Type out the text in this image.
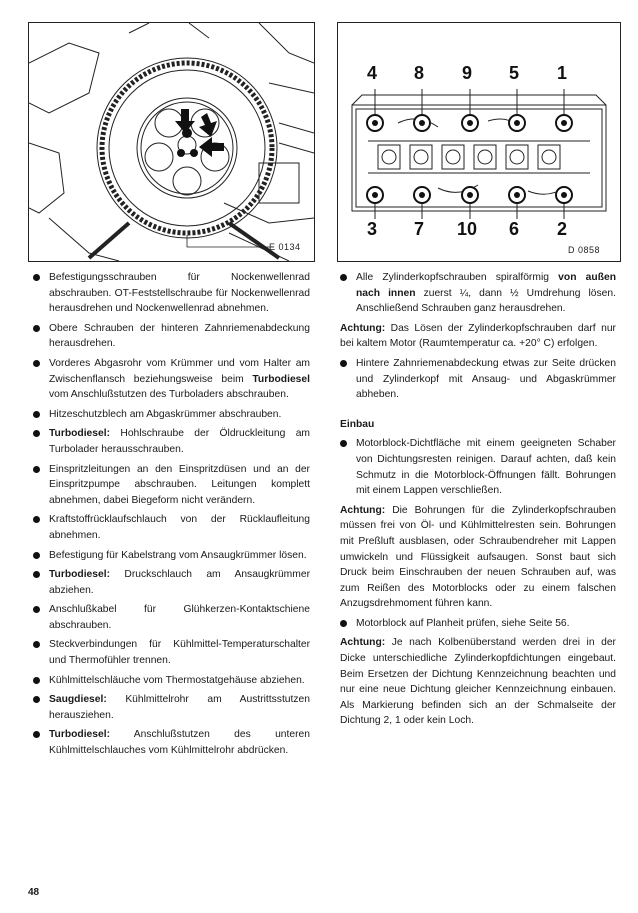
E 0134
4 8 9 5 1
3 7 10 6 2
D 0858
Befestigungsschrauben für Nockenwellenrad abschrauben. OT-Feststellschraube für Nockenwellenrad herausdrehen und Nockenwellenrad abnehmen.
Obere Schrauben der hinteren Zahnriemenabdeckung herausdrehen.
Vorderes Abgasrohr vom Krümmer und vom Halter am Zwischenflansch beziehungsweise beim Turbodiesel vom Anschlußstutzen des Turboladers abschrauben.
Hitzeschutzblech am Abgaskrümmer abschrauben.
Turbodiesel: Hohlschraube der Öldruckleitung am Turbolader herausschrauben.
Einspritzleitungen an den Einspritzdüsen und an der Einspritzpumpe abschrauben. Leitungen komplett abnehmen, dabei Biegeform nicht verändern.
Kraftstoffrücklaufschlauch von der Rücklaufleitung abnehmen.
Befestigung für Kabelstrang vom Ansaugkrümmer lösen.
Turbodiesel: Druckschlauch am Ansaugkrümmer abziehen.
Anschlußkabel für Glühkerzen-Kontaktschiene abschrauben.
Steckverbindungen für Kühlmittel-Temperaturschalter und Thermofühler trennen.
Kühlmittelschläuche vom Thermostatgehäuse abziehen.
Saugdiesel: Kühlmittelrohr am Austrittsstutzen herausziehen.
Turbodiesel: Anschlußstutzen des unteren Kühlmittelschlauches vom Kühlmittelrohr abdrücken.
Alle Zylinderkopfschrauben spiralförmig von außen nach innen zuerst ¼, dann ½ Umdrehung lösen. Anschließend Schrauben ganz herausdrehen.
Achtung: Das Lösen der Zylinderkopfschrauben darf nur bei kaltem Motor (Raumtemperatur ca. +20° C) erfolgen.
Hintere Zahnriemenabdeckung etwas zur Seite drücken und Zylinderkopf mit Ansaug- und Abgaskrümmer abheben.
Einbau
Motorblock-Dichtfläche mit einem geeigneten Schaber von Dichtungsresten reinigen. Darauf achten, daß kein Schmutz in die Motorblock-Öffnungen fällt. Bohrungen mit einem Lappen verschließen.
Achtung: Die Bohrungen für die Zylinderkopfschrauben müssen frei von Öl- und Kühlmittelresten sein. Bohrungen mit Preßluft ausblasen, oder Schraubendreher mit Lappen umwickeln und Flüssigkeit aufsaugen. Sonst baut sich Druck beim Einschrauben der neuen Schrauben auf, was zum Reißen des Motorblocks oder zu einem falschen Anzugsdrehmoment führen kann.
Motorblock auf Planheit prüfen, siehe Seite 56.
Achtung: Je nach Kolbenüberstand werden drei in der Dicke unterschiedliche Zylinderkopfdichtungen eingebaut. Beim Ersetzen der Dichtung Kennzeichnung beachten und nur eine neue Dichtung gleicher Kennzeichnung einbauen. Als Markierung befinden sich an der Schmalseite der Dichtung 2, 1 oder kein Loch.
48
